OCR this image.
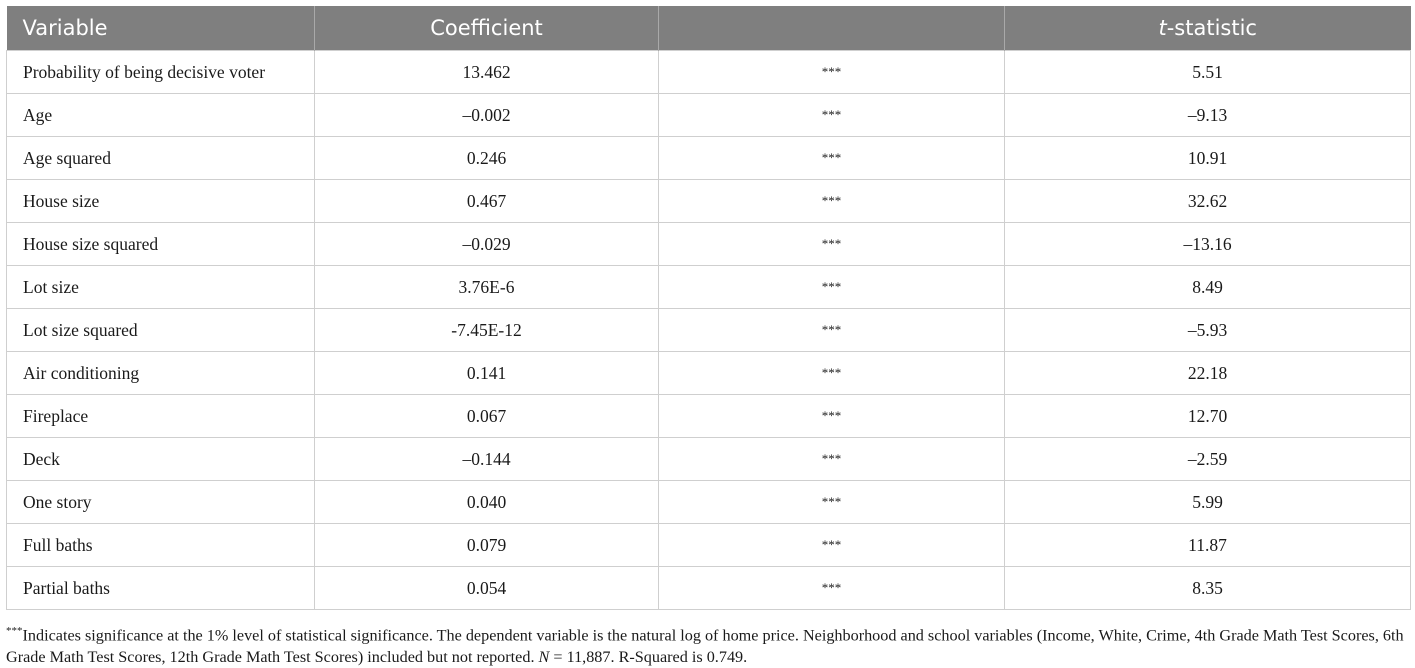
Variable	Coefficient		t-statistic
Probability of being decisive voter	13.462	***	5.51
Age	–0.002	***	–9.13
Age squared	0.246	***	10.91
House size	0.467	***	32.62
House size squared	–0.029	***	–13.16
Lot size	3.76E-6	***	8.49
Lot size squared	-7.45E-12	***	–5.93
Air conditioning	0.141	***	22.18
Fireplace	0.067	***	12.70
Deck	–0.144	***	–2.59
One story	0.040	***	5.99
Full baths	0.079	***	11.87
Partial baths	0.054	***	8.35
***Indicates significance at the 1% level of statistical significance. The dependent variable is the natural log of home price. Neighborhood and school variables (Income, White, Crime, 4th Grade Math Test Scores, 6th Grade Math Test Scores, 12th Grade Math Test Scores) included but not reported. N = 11,887. R-Squared is 0.749.
